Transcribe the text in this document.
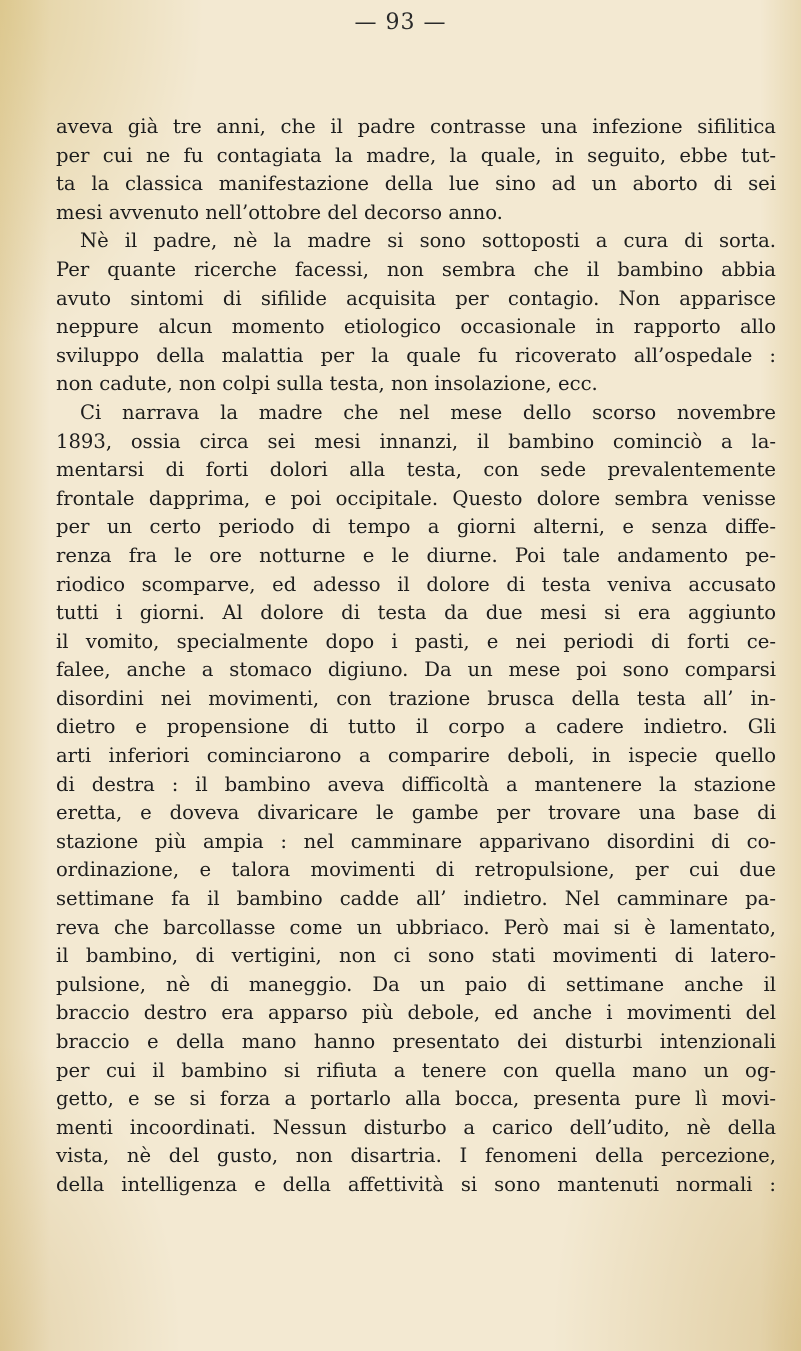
— 93 —
aveva già tre anni, che il padre contrasse una infezione sifilitica
per cui ne fu contagiata la madre, la quale, in seguito, ebbe tut-
ta la classica manifestazione della lue sino ad un aborto di sei
mesi avvenuto nell’ottobre del decorso anno.
Nè il padre, nè la madre si sono sottoposti a cura di sorta.
Per quante ricerche facessi, non sembra che il bambino abbia
avuto sintomi di sifilide acquisita per contagio. Non apparisce
neppure alcun momento etiologico occasionale in rapporto allo
sviluppo della malattia per la quale fu ricoverato all’ospedale :
non cadute, non colpi sulla testa, non insolazione, ecc.
Ci narrava la madre che nel mese dello scorso novembre
1893, ossia circa sei mesi innanzi, il bambino cominciò a la-
mentarsi di forti dolori alla testa, con sede prevalentemente
frontale dapprima, e poi occipitale. Questo dolore sembra venisse
per un certo periodo di tempo a giorni alterni, e senza diffe-
renza fra le ore notturne e le diurne. Poi tale andamento pe-
riodico scomparve, ed adesso il dolore di testa veniva accusato
tutti i giorni. Al dolore di testa da due mesi si era aggiunto
il vomito, specialmente dopo i pasti, e nei periodi di forti ce-
falee, anche a stomaco digiuno. Da un mese poi sono comparsi
disordini nei movimenti, con trazione brusca della testa all’ in-
dietro e propensione di tutto il corpo a cadere indietro. Gli
arti inferiori cominciarono a comparire deboli, in ispecie quello
di destra : il bambino aveva difficoltà a mantenere la stazione
eretta, e doveva divaricare le gambe per trovare una base di
stazione più ampia : nel camminare apparivano disordini di co-
ordinazione, e talora movimenti di retropulsione, per cui due
settimane fa il bambino cadde all’ indietro. Nel camminare pa-
reva che barcollasse come un ubbriaco. Però mai si è lamentato,
il bambino, di vertigini, non ci sono stati movimenti di latero-
pulsione, nè di maneggio. Da un paio di settimane anche il
braccio destro era apparso più debole, ed anche i movimenti del
braccio e della mano hanno presentato dei disturbi intenzionali
per cui il bambino si rifiuta a tenere con quella mano un og-
getto, e se si forza a portarlo alla bocca, presenta pure lì movi-
menti incoordinati. Nessun disturbo a carico dell’udito, nè della
vista, nè del gusto, non disartria. I fenomeni della percezione,
della intelligenza e della affettività si sono mantenuti normali :
